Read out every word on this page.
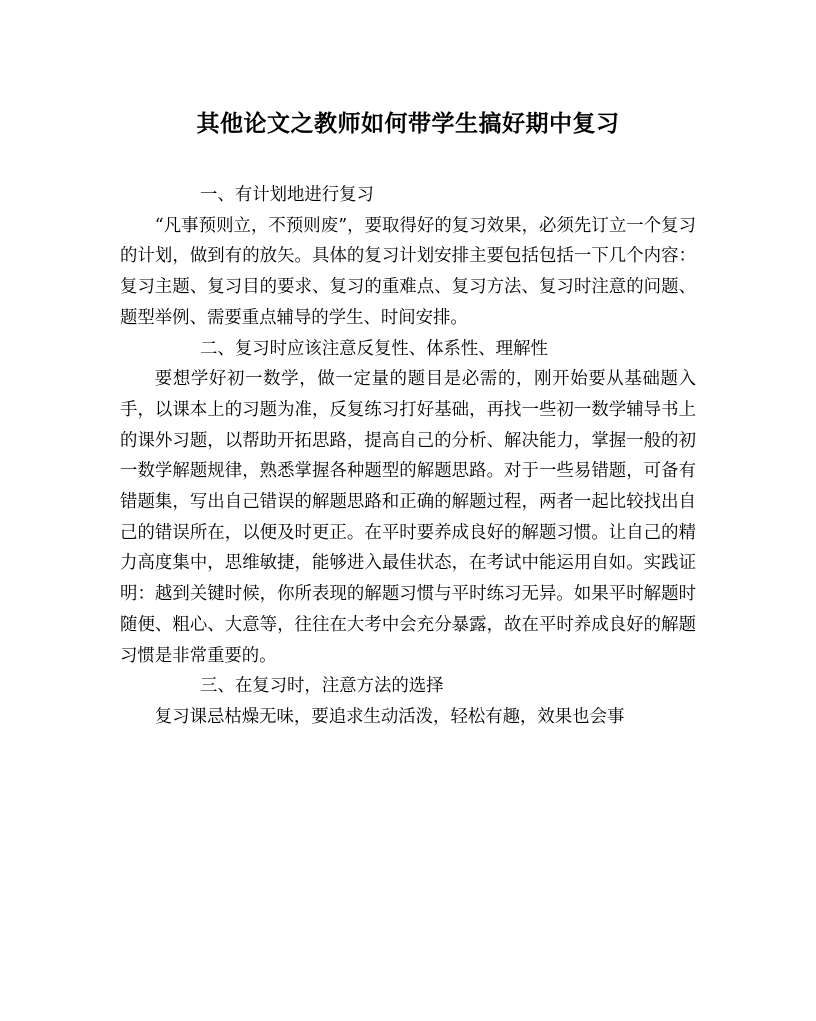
其他论文之教师如何带学生搞好期中复习

一、有计划地进行复习

“凡事预则立，不预则废”，要取得好的复习效果，必须先订立一个复习的计划，做到有的放矢。具体的复习计划安排主要包括包括一下几个内容：复习主题、复习目的要求、复习的重难点、复习方法、复习时注意的问题、题型举例、需要重点辅导的学生、时间安排。

二、复习时应该注意反复性、体系性、理解性

要想学好初一数学，做一定量的题目是必需的，刚开始要从基础题入手，以课本上的习题为准，反复练习打好基础，再找一些初一数学辅导书上的课外习题，以帮助开拓思路，提高自己的分析、解决能力，掌握一般的初一数学解题规律，熟悉掌握各种题型的解题思路。对于一些易错题，可备有错题集，写出自己错误的解题思路和正确的解题过程，两者一起比较找出自己的错误所在，以便及时更正。在平时要养成良好的解题习惯。让自己的精力高度集中，思维敏捷，能够进入最佳状态，在考试中能运用自如。实践证明：越到关键时候，你所表现的解题习惯与平时练习无异。如果平时解题时随便、粗心、大意等，往往在大考中会充分暴露，故在平时养成良好的解题习惯是非常重要的。

三、在复习时，注意方法的选择

复习课忌枯燥无味，要追求生动活泼，轻松有趣，效果也会事
